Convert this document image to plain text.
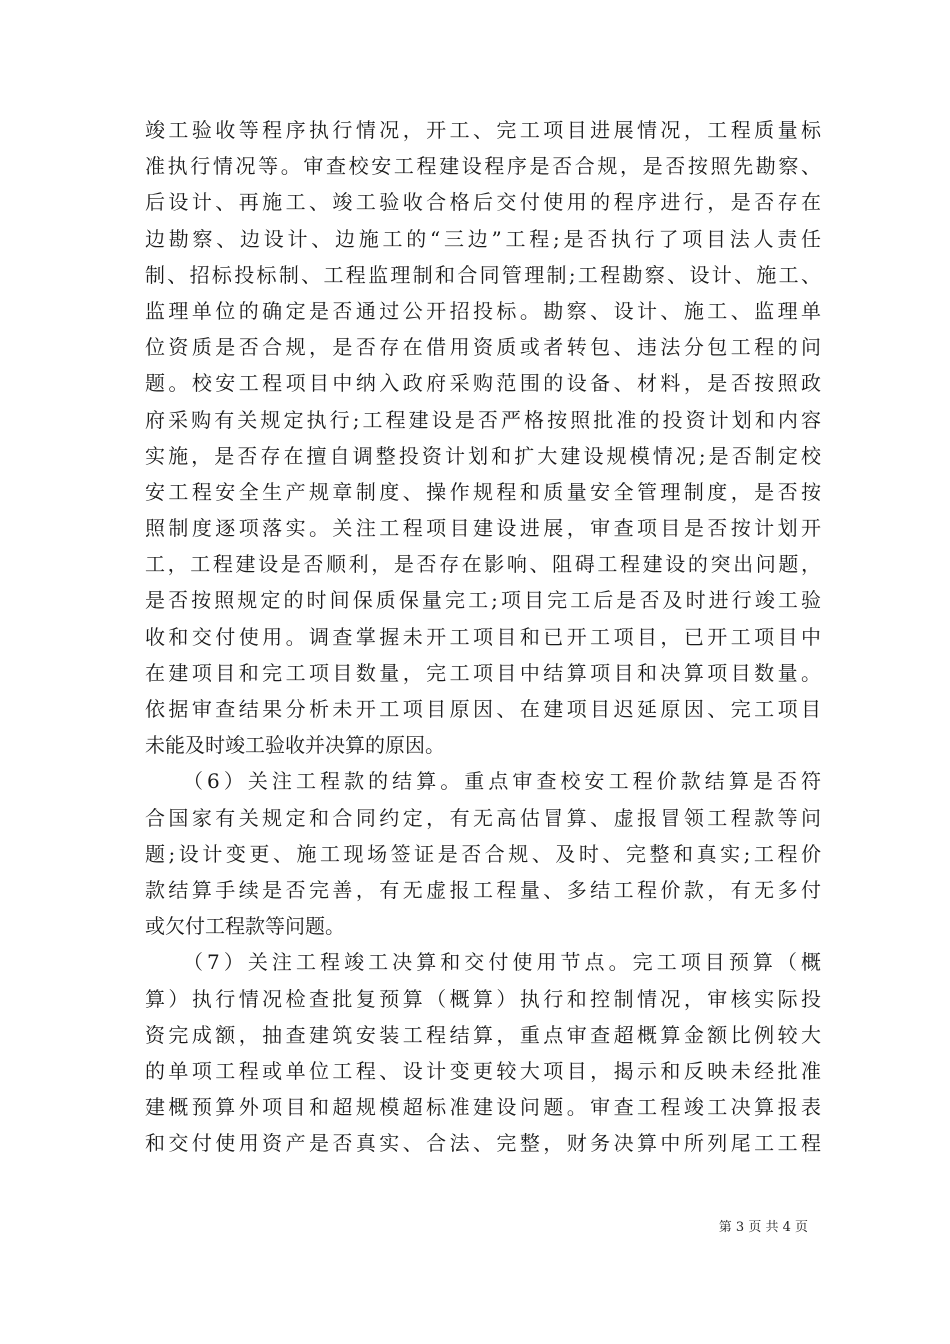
竣工验收等程序执行情况，开工、完工项目进展情况，工程质量标
准执行情况等。审查校安工程建设程序是否合规，是否按照先勘察、
后设计、再施工、竣工验收合格后交付使用的程序进行，是否存在
边勘察、边设计、边施工的“三边”工程;是否执行了项目法人责任
制、招标投标制、工程监理制和合同管理制;工程勘察、设计、施工、
监理单位的确定是否通过公开招投标。勘察、设计、施工、监理单
位资质是否合规，是否存在借用资质或者转包、违法分包工程的问
题。校安工程项目中纳入政府采购范围的设备、材料，是否按照政
府采购有关规定执行;工程建设是否严格按照批准的投资计划和内容
实施，是否存在擅自调整投资计划和扩大建设规模情况;是否制定校
安工程安全生产规章制度、操作规程和质量安全管理制度，是否按
照制度逐项落实。关注工程项目建设进展，审查项目是否按计划开
工，工程建设是否顺利，是否存在影响、阻碍工程建设的突出问题，
是否按照规定的时间保质保量完工;项目完工后是否及时进行竣工验
收和交付使用。调查掌握未开工项目和已开工项目，已开工项目中
在建项目和完工项目数量，完工项目中结算项目和决算项目数量。
依据审查结果分析未开工项目原因、在建项目迟延原因、完工项目
未能及时竣工验收并决算的原因。
（6）关注工程款的结算。重点审查校安工程价款结算是否符
合国家有关规定和合同约定，有无高估冒算、虚报冒领工程款等问
题;设计变更、施工现场签证是否合规、及时、完整和真实;工程价
款结算手续是否完善，有无虚报工程量、多结工程价款，有无多付
或欠付工程款等问题。
（7）关注工程竣工决算和交付使用节点。完工项目预算（概
算）执行情况检查批复预算（概算）执行和控制情况，审核实际投
资完成额，抽查建筑安装工程结算，重点审查超概算金额比例较大
的单项工程或单位工程、设计变更较大项目，揭示和反映未经批准
建概预算外项目和超规模超标准建设问题。审查工程竣工决算报表
和交付使用资产是否真实、合法、完整，财务决算中所列尾工工程
第 3 页 共 4 页
